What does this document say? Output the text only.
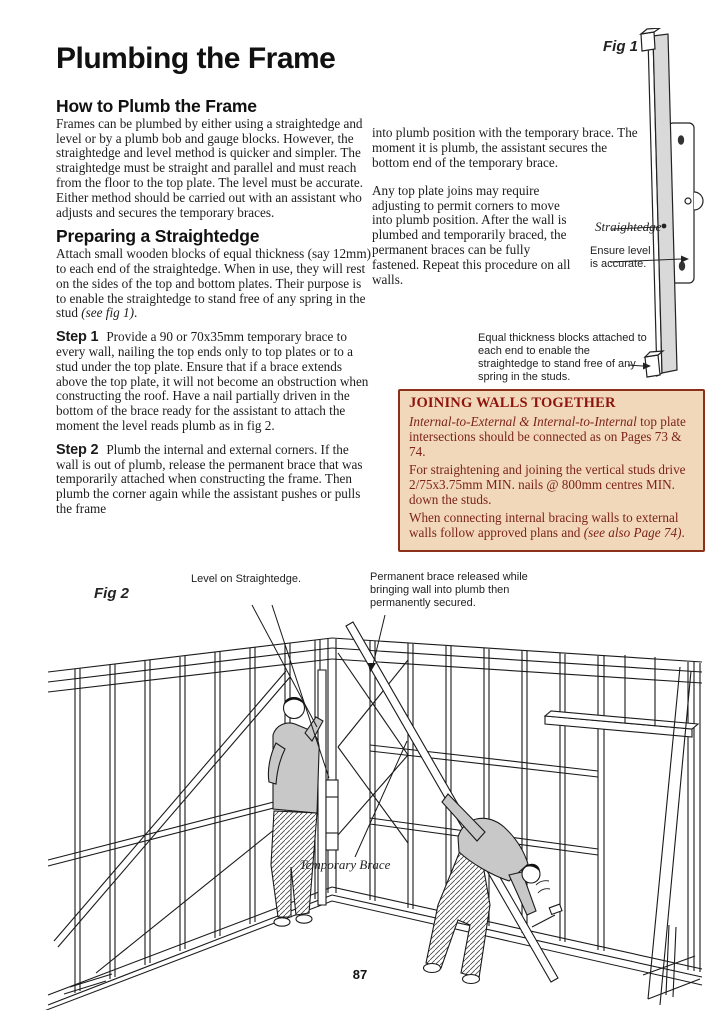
Plumbing the Frame
How to Plumb the Frame

Frames can be plumbed by either using a straightedge and level or by a plumb bob and gauge blocks. However, the straightedge and level method is quicker and simpler. The straightedge must be straight and parallel and must reach from the floor to the top plate. The level must be accurate. Either method should be carried out with an assistant who adjusts and secures the temporary braces.

Preparing a Straightedge

Attach small wooden blocks of equal thickness (say 12mm) to each end of the straightedge. When in use, they will rest on the sides of the top and bottom plates. Their purpose is to enable the straightedge to stand free of any spring in the stud (see fig 1).

Step 1 Provide a 90 or 70x35mm temporary brace to every wall, nailing the top ends only to top plates or to a stud under the top plate. Ensure that if a brace extends above the top plate, it will not become an obstruction when constructing the roof. Have a nail partially driven in the bottom of the brace ready for the assistant to attach the moment the level reads plumb as in fig 2.

Step 2 Plumb the internal and external corners. If the wall is out of plumb, release the permanent brace that was temporarily attached when constructing the frame. Then plumb the corner again while the assistant pushes or pulls the frame

into plumb position with the temporary brace. The moment it is plumb, the assistant secures the bottom end of the temporary brace.

Any top plate joins may require adjusting to permit corners to move into plumb position. After the wall is plumbed and temporarily braced, the permanent braces can be fully fastened. Repeat this procedure on all walls.

Fig 1
Straightedge
Ensure level is accurate.
Equal thickness blocks attached to each end to enable the straightedge to stand free of any spring in the studs.
JOINING WALLS TOGETHER

Internal-to-External & Internal-to-Internal top plate intersections should be connected as on Pages 73 & 74.

For straightening and joining the vertical studs drive 2/75x3.75mm MIN. nails @ 800mm centres MIN. down the studs.

When connecting internal bracing walls to external walls follow approved plans and (see also Page 74).

Fig 2
Level on Straightedge.	Permanent brace released while bringing wall into plumb then permanently secured.
Temporary Brace
87
